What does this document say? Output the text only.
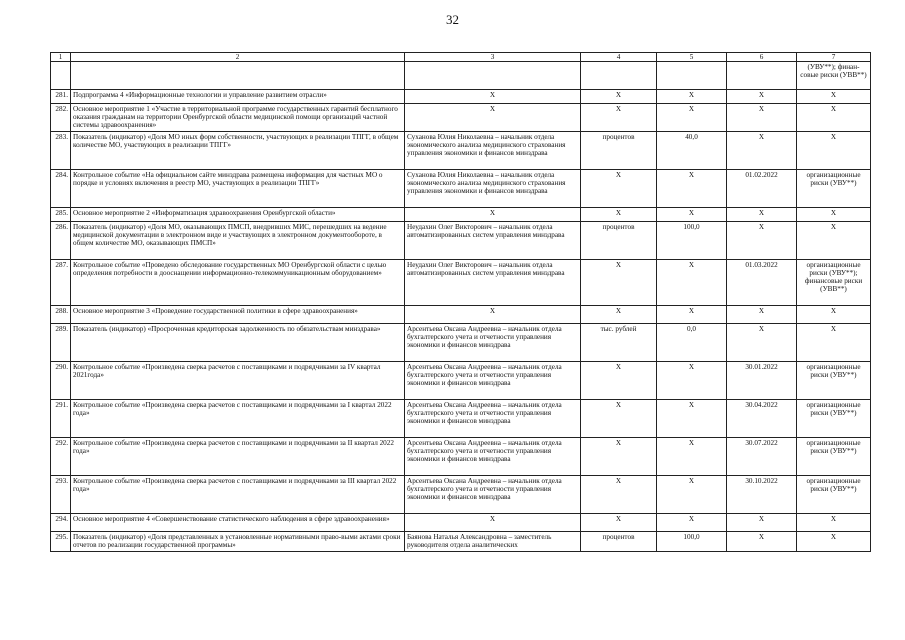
32
1	2	3	4	5	6	7
						(УВУ**); финан-совые риски (УВВ**)
281.	Подпрограмма 4 «Информационные технологии и управление развитием отрасли»	X	X	X	X	X
282.	Основное мероприятие 1 «Участие в территориальной программе государственных гарантий бесплатного оказания гражданам на территории Оренбургской области медицинской помощи организаций частной системы здравоохранения»	X	X	X	X	X
283.	Показатель (индикатор) «Доля МО иных форм собственности, участвующих в реализации ТПГГ, в общем количестве МО, участвующих в реализации ТПГГ»	Суханова Юлия Николаевна – начальник отдела экономического анализа медицинского страхования управления экономики и финансов минздрава	процентов	40,0	X	X
284.	Контрольное событие «На официальном сайте минздрава размещена информация для частных МО о порядке и условиях включения в реестр МО, участвующих в реализации ТПГГ»	Суханова Юлия Николаевна – начальник отдела экономического анализа медицинского страхования управления экономики и финансов минздрава	X	X	01.02.2022	организационные риски (УВУ**)
285.	Основное мероприятие 2 «Информатизация здравоохранения Оренбургской области»	X	X	X	X	X
286.	Показатель (индикатор) «Доля МО, оказывающих ПМСП, внедривших МИС, перешедших на ведение медицинской документации в электронном виде и участвующих в электронном документообороте, в общем количестве МО, оказывающих ПМСП»	Неудахин Олег Викторович – начальник отдела автоматизированных систем управления минздрава	процентов	100,0	X	X
287.	Контрольное событие «Проведено обследование государственных МО Оренбургской области с целью определения потребности в дооснащении информационно-телекоммуникационным оборудованием»	Неудахин Олег Викторович – начальник отдела автоматизированных систем управления минздрава	X	X	01.03.2022	организационные риски (УВУ**); финансовые риски (УВВ**)
288.	Основное мероприятие 3 «Проведение государственной политики в сфере здравоохранения»	X	X	X	X	X
289.	Показатель (индикатор) «Просроченная кредиторская задолженность по обязательствам минздрава»	Арсентьева Оксана Андреевна – начальник отдела бухгалтерского учета и отчетности управления экономики и финансов минздрава	тыс. рублей	0,0	X	X
290.	Контрольное событие «Произведена сверка расчетов с поставщиками и подрядчиками за IV квартал 2021года»	Арсентьева Оксана Андреевна – начальник отдела бухгалтерского учета и отчетности управления экономики и финансов минздрава	X	X	30.01.2022	организационные риски (УВУ**)
291.	Контрольное событие «Произведена сверка расчетов с поставщиками и подрядчиками за I квартал 2022 года»	Арсентьева Оксана Андреевна – начальник отдела бухгалтерского учета и отчетности управления экономики и финансов минздрава	X	X	30.04.2022	организационные риски (УВУ**)
292.	Контрольное событие «Произведена сверка расчетов с поставщиками и подрядчиками за II квартал 2022 года»	Арсентьева Оксана Андреевна – начальник отдела бухгалтерского учета и отчетности управления экономики и финансов минздрава	X	X	30.07.2022	организационные риски (УВУ**)
293.	Контрольное событие «Произведена сверка расчетов с поставщиками и подрядчиками за III квартал 2022 года»	Арсентьева Оксана Андреевна – начальник отдела бухгалтерского учета и отчетности управления экономики и финансов минздрава	X	X	30.10.2022	организационные риски (УВУ**)
294.	Основное мероприятие 4 «Совершенствование статистического наблюдения в сфере здравоохранения»	X	X	X	X	X
295.	Показатель (индикатор) «Доля представленных в установленные нормативными право-выми актами сроки отчетов по реализации государственной программы»	Баянова Наталья Александровна – заместитель руководителя отдела аналитических	процентов	100,0	X	X
